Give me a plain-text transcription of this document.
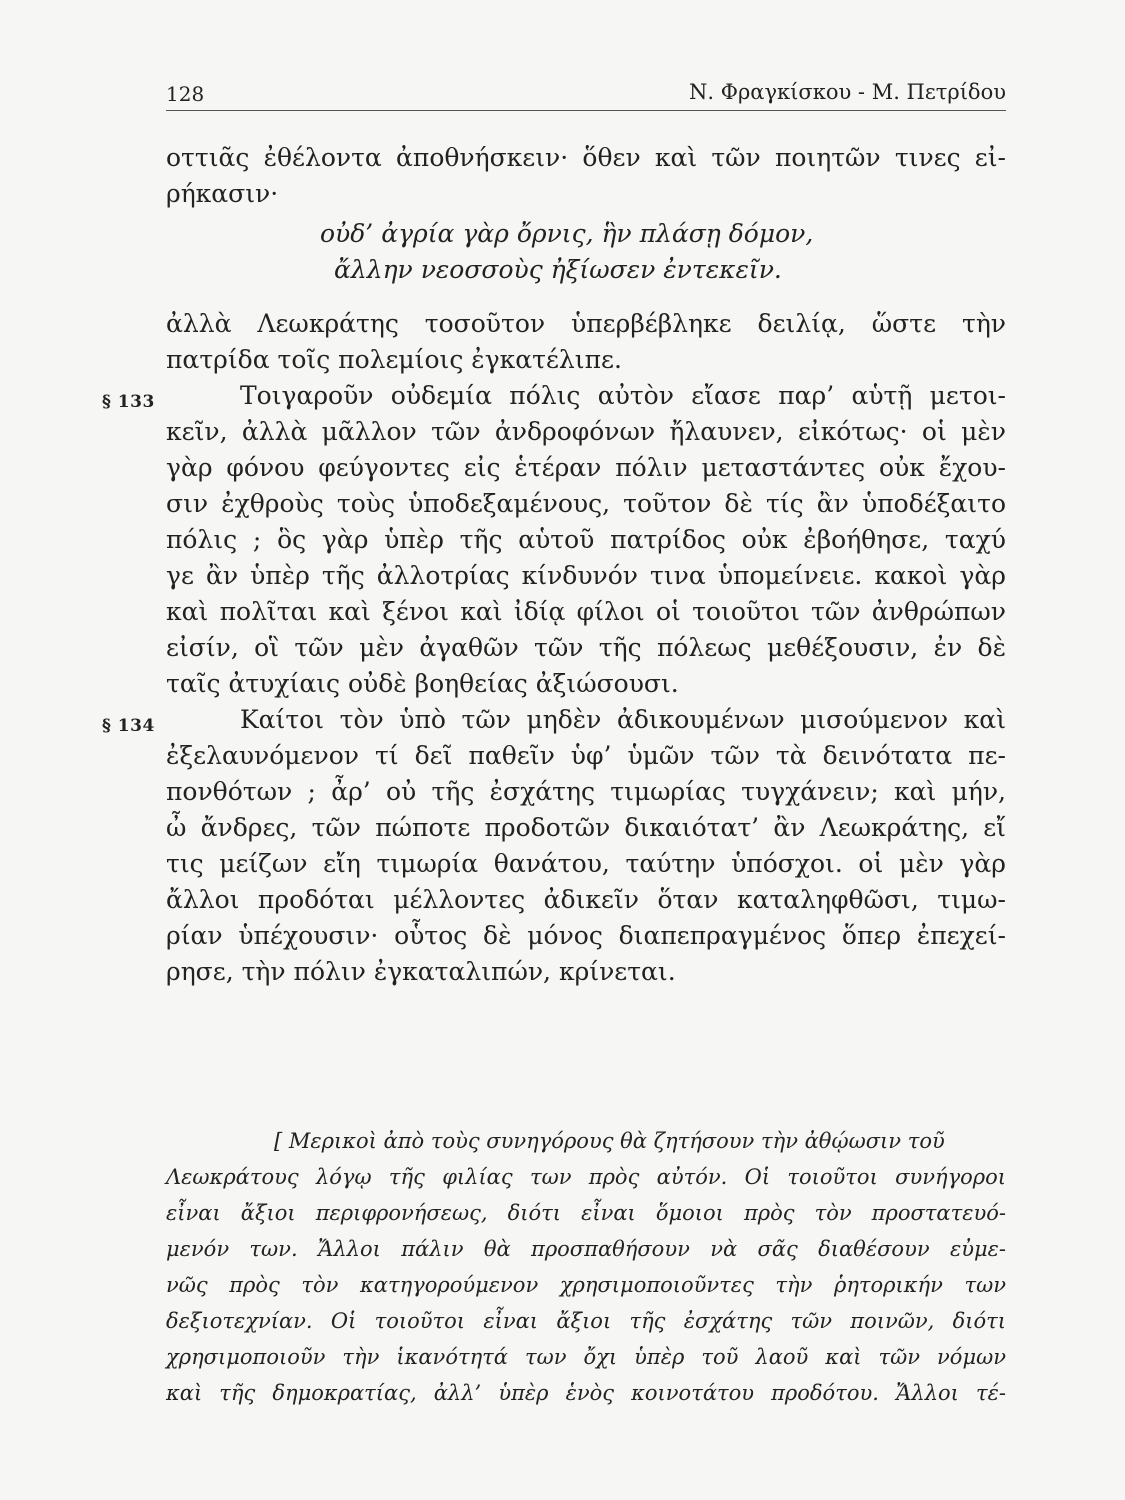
128	Ν. Φραγκίσκου - Μ. Πετρίδου
οττιᾶς ἐθέλοντα ἀποθνήσκειν· ὅθεν καὶ τῶν ποιητῶν τινες εἰ-
ρήκασιν·
οὐδ’ ἀγρία γὰρ ὄρνις, ἣν πλάσῃ δόμον,
ἄλλην νεοσσοὺς ἠξίωσεν ἐντεκεῖν.
ἀλλὰ Λεωκράτης τοσοῦτον ὑπερβέβληκε δειλίᾳ, ὥστε τὴν
πατρίδα τοῖς πολεμίοις ἐγκατέλιπε.
§ 133	Τοιγαροῦν οὐδεμία πόλις αὐτὸν εἴασε παρ’ αὑτῇ μετοι-
κεῖν, ἀλλὰ μᾶλλον τῶν ἀνδροφόνων ἤλαυνεν, εἰκότως· οἱ μὲν
γὰρ φόνου φεύγοντες εἰς ἑτέραν πόλιν μεταστάντες οὐκ ἔχου-
σιν ἐχθροὺς τοὺς ὑποδεξαμένους, τοῦτον δὲ τίς ἂν ὑποδέξαιτο
πόλις ; ὃς γὰρ ὑπὲρ τῆς αὑτοῦ πατρίδος οὐκ ἐβοήθησε, ταχύ
γε ἂν ὑπὲρ τῆς ἀλλοτρίας κίνδυνόν τινα ὑπομείνειε. κακοὶ γὰρ
καὶ πολῖται καὶ ξένοι καὶ ἰδίᾳ φίλοι οἱ τοιοῦτοι τῶν ἀνθρώπων
εἰσίν, οἳ τῶν μὲν ἀγαθῶν τῶν τῆς πόλεως μεθέξουσιν, ἐν δὲ
ταῖς ἀτυχίαις οὐδὲ βοηθείας ἀξιώσουσι.
§ 134	Καίτοι τὸν ὑπὸ τῶν μηδὲν ἀδικουμένων μισούμενον καὶ
ἐξελαυνόμενον τί δεῖ παθεῖν ὑφ’ ὑμῶν τῶν τὰ δεινότατα πε-
πονθότων ; ἆρ’ οὐ τῆς ἐσχάτης τιμωρίας τυγχάνειν; καὶ μήν,
ὦ ἄνδρες, τῶν πώποτε προδοτῶν δικαιότατ’ ἂν Λεωκράτης, εἴ
τις μείζων εἴη τιμωρία θανάτου, ταύτην ὑπόσχοι. οἱ μὲν γὰρ
ἄλλοι προδόται μέλλοντες ἀδικεῖν ὅταν καταληφθῶσι, τιμω-
ρίαν ὑπέχουσιν· οὗτος δὲ μόνος διαπεπραγμένος ὅπερ ἐπεχεί-
ρησε, τὴν πόλιν ἐγκαταλιπών, κρίνεται.
[ Μερικοὶ ἀπὸ τοὺς συνηγόρους θὰ ζητήσουν τὴν ἀθῴωσιν τοῦ
Λεωκράτους λόγῳ τῆς φιλίας των πρὸς αὐτόν. Οἱ τοιοῦτοι συνήγοροι
εἶναι ἄξιοι περιφρονήσεως, διότι εἶναι ὅμοιοι πρὸς τὸν προστατευό-
μενόν των. Ἄλλοι πάλιν θὰ προσπαθήσουν νὰ σᾶς διαθέσουν εὐμε-
νῶς πρὸς τὸν κατηγορούμενον χρησιμοποιοῦντες τὴν ῥητορικήν των
δεξιοτεχνίαν. Οἱ τοιοῦτοι εἶναι ἄξιοι τῆς ἐσχάτης τῶν ποινῶν, διότι
χρησιμοποιοῦν τὴν ἱκανότητά των ὄχι ὑπὲρ τοῦ λαοῦ καὶ τῶν νόμων
καὶ τῆς δημοκρατίας, ἀλλ’ ὑπὲρ ἑνὸς κοινοτάτου προδότου. Ἄλλοι τέ-
